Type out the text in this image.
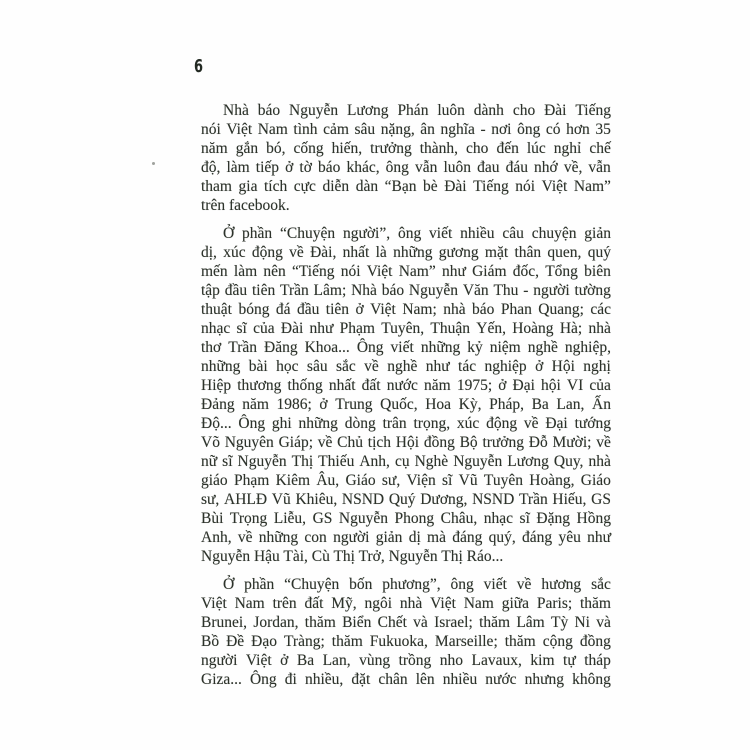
6
Nhà báo Nguyễn Lương Phán luôn dành cho Đài Tiếng
nói Việt Nam tình cảm sâu nặng, ân nghĩa - nơi ông có hơn 35
năm gắn bó, cống hiến, trưởng thành, cho đến lúc nghỉ chế
độ, làm tiếp ở tờ báo khác, ông vẫn luôn đau đáu nhớ về, vẫn
tham gia tích cực diễn dàn “Bạn bè Đài Tiếng nói Việt Nam”
trên facebook.
Ở phần “Chuyện người”, ông viết nhiều câu chuyện giản
dị, xúc động về Đài, nhất là những gương mặt thân quen, quý
mến làm nên “Tiếng nói Việt Nam” như Giám đốc, Tổng biên
tập đầu tiên Trần Lâm; Nhà báo Nguyễn Văn Thu - người tường
thuật bóng đá đầu tiên ở Việt Nam; nhà báo Phan Quang; các
nhạc sĩ của Đài như Phạm Tuyên, Thuận Yến, Hoàng Hà; nhà
thơ Trần Đăng Khoa... Ông viết những kỷ niệm nghề nghiệp,
những bài học sâu sắc về nghề như tác nghiệp ở Hội nghị
Hiệp thương thống nhất đất nước năm 1975; ở Đại hội VI của
Đảng năm 1986; ở Trung Quốc, Hoa Kỳ, Pháp, Ba Lan, Ấn
Độ... Ông ghi những dòng trân trọng, xúc động về Đại tướng
Võ Nguyên Giáp; về Chủ tịch Hội đồng Bộ trưởng Đỗ Mười; về
nữ sĩ Nguyễn Thị Thiếu Anh, cụ Nghè Nguyễn Lương Quy, nhà
giáo Phạm Kiêm Âu, Giáo sư, Viện sĩ Vũ Tuyên Hoàng, Giáo
sư, AHLĐ Vũ Khiêu, NSND Quý Dương, NSND Trần Hiếu, GS
Bùi Trọng Liễu, GS Nguyễn Phong Châu, nhạc sĩ Đặng Hồng
Anh, về những con người giản dị mà đáng quý, đáng yêu như
Nguyễn Hậu Tài, Cù Thị Trở, Nguyễn Thị Ráo...
Ở phần “Chuyện bốn phương”, ông viết về hương sắc
Việt Nam trên đất Mỹ, ngôi nhà Việt Nam giữa Paris; thăm
Brunei, Jordan, thăm Biển Chết và Israel; thăm Lâm Tỳ Ni và
Bồ Đề Đạo Tràng; thăm Fukuoka, Marseille; thăm cộng đồng
người Việt ở Ba Lan, vùng trồng nho Lavaux, kim tự tháp
Giza... Ông đi nhiều, đặt chân lên nhiều nước nhưng không
